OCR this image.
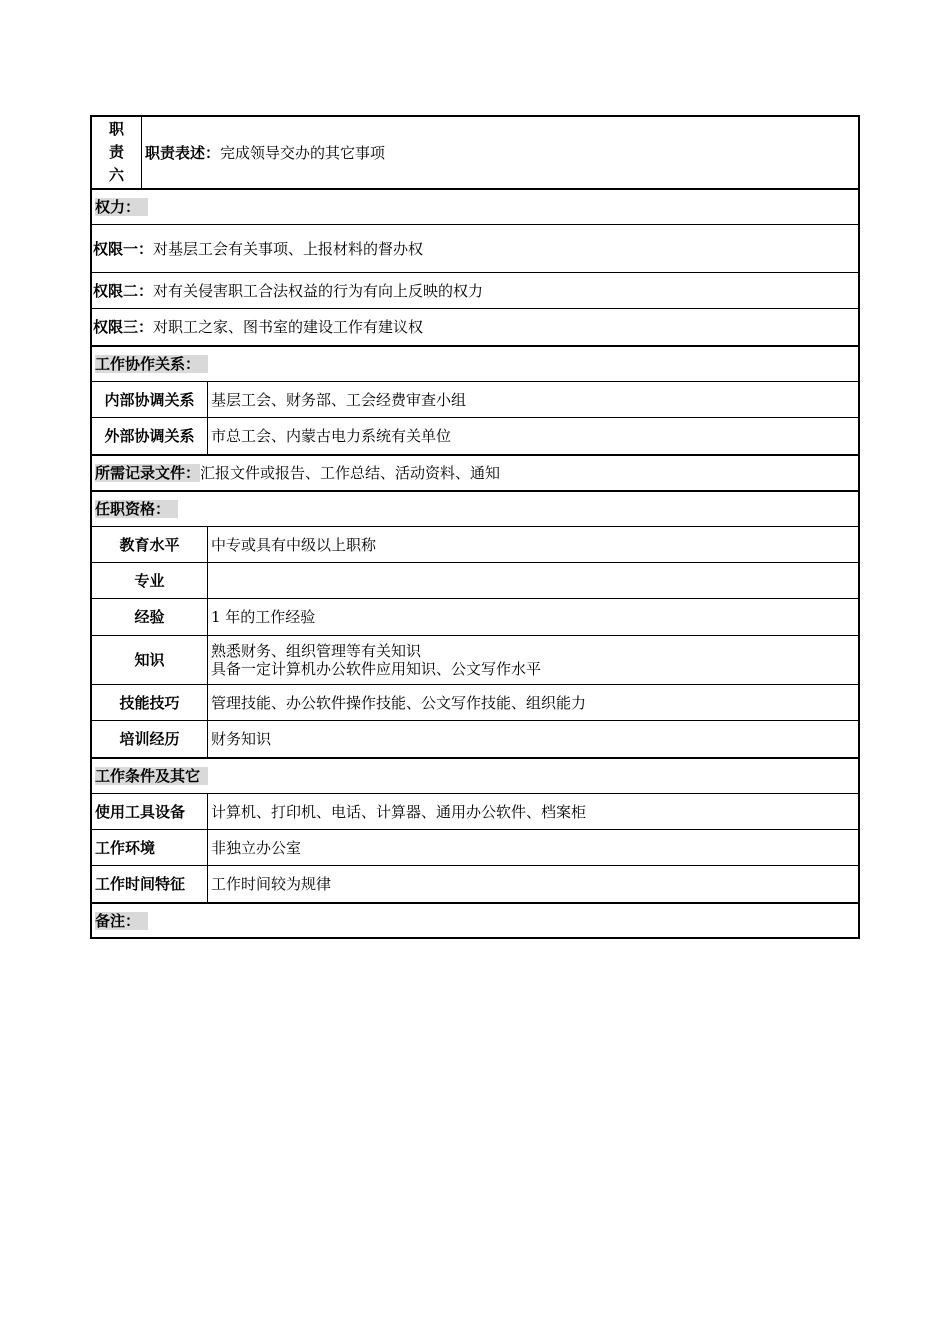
职
责
六
职责表述： 完成领导交办的其它事项
权力：
权限一： 对基层工会有关事项、上报材料的督办权
权限二： 对有关侵害职工合法权益的行为有向上反映的权力
权限三： 对职工之家、图书室的建设工作有建议权
工作协作关系：
内部协调关系	基层工会、财务部、工会经费审查小组
外部协调关系	市总工会、内蒙古电力系统有关单位
所需记录文件： 汇报文件或报告、工作总结、活动资料、通知
任职资格：
教育水平	中专或具有中级以上职称
专业
经验	1 年的工作经验
知识	熟悉财务、组织管理等有关知识
具备一定计算机办公软件应用知识、公文写作水平
技能技巧	管理技能、办公软件操作技能、公文写作技能、组织能力
培训经历	财务知识
工作条件及其它
使用工具设备	计算机、打印机、电话、计算器、通用办公软件、档案柜
工作环境	非独立办公室
工作时间特征	工作时间较为规律
备注：
